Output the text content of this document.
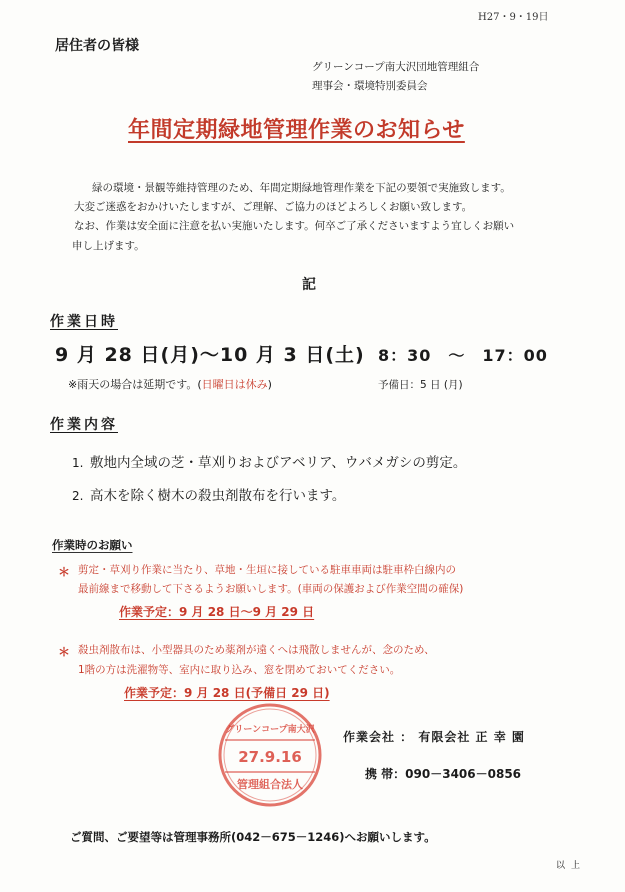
H27・9・19日
居住者の皆様
グリーンコープ南大沢団地管理組合
理事会・環境特別委員会
年間定期緑地管理作業のお知らせ
緑の環境・景観等維持管理のため、年間定期緑地管理作業を下記の要領で実施致します。
大変ご迷惑をおかけいたしますが、ご理解、ご協力のほどよろしくお願い致します。
なお、作業は安全面に注意を払い実施いたします。何卒ご了承くださいますよう宜しくお願い
申し上げます。
記
作業日時
9 月 28 日(月)～10 月 3 日(土) 8：30　～　17：00
※雨天の場合は延期です。(日曜日は休み)	予備日：5 日 (月)
作業内容
1. 敷地内全域の芝・草刈りおよびアベリア、ウバメガシの剪定。
2. 高木を除く樹木の殺虫剤散布を行います。
作業時のお願い
＊ 剪定・草刈り作業に当たり、草地・生垣に接している駐車車両は駐車枠白線内の
最前線まで移動して下さるようお願いします。(車両の保護および作業空間の確保)
作業予定：9 月 28 日～9 月 29 日
＊ 殺虫剤散布は、小型器具のため薬剤が遠くへは飛散しませんが、念のため、
1階の方は洗濯物等、室内に取り込み、窓を閉めておいてください。
作業予定：9 月 28 日(予備日 29 日)
グリーンコープ南大沢
27.9.16
管理組合法人
作業会社 ： 有限会社 正 幸 園
携 帯：090－3406－0856
ご質問、ご要望等は管理事務所(042－675－1246)へお願いします。
以上
